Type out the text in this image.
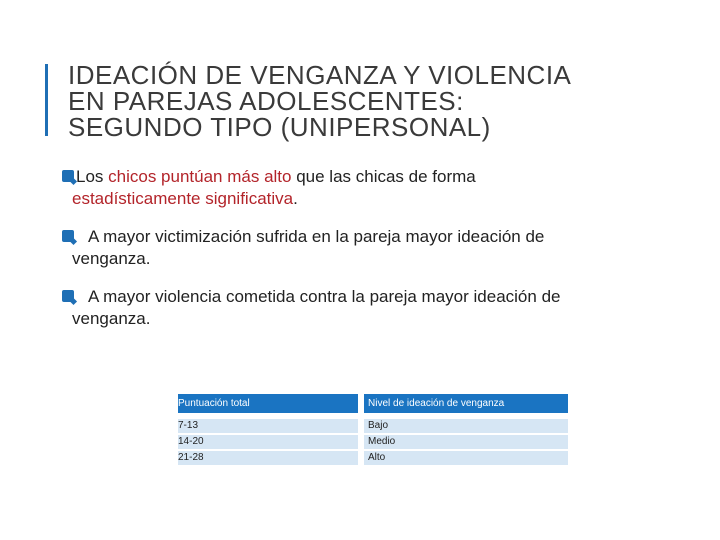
IDEACIÓN DE VENGANZA Y VIOLENCIA
EN PAREJAS ADOLESCENTES:
SEGUNDO TIPO (UNIPERSONAL)
Los chicos puntúan más alto que las chicas de forma
estadísticamente significativa.
A mayor victimización sufrida en la pareja mayor ideación de
venganza.
A mayor violencia cometida contra la pareja mayor ideación de
venganza.
Puntuación total	Nivel de ideación de venganza
7-13	Bajo
14-20	Medio
21-28	Alto
